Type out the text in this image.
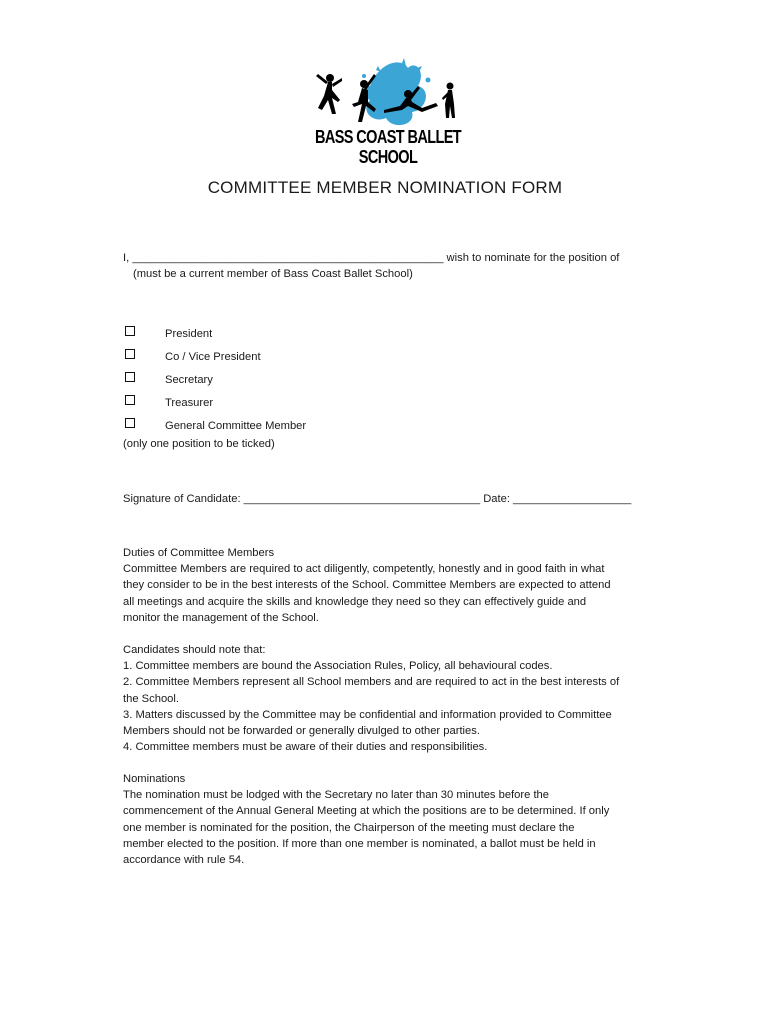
BASS COAST BALLET SCHOOL
COMMITTEE MEMBER NOMINATION FORM
I, __________________________________________________ wish to nominate for the position of
(must be a current member of Bass Coast Ballet School)
President
Co / Vice President
Secretary
Treasurer
General Committee Member
(only one position to be ticked)
Signature of Candidate: ______________________________________ Date: ___________________
Duties of Committee Members
Committee Members are required to act diligently, competently, honestly and in good faith in what
they consider to be in the best interests of the School. Committee Members are expected to attend
all meetings and acquire the skills and knowledge they need so they can effectively guide and
monitor the management of the School.
Candidates should note that:
1. Committee members are bound the Association Rules, Policy, all behavioural codes.
2. Committee Members represent all School members and are required to act in the best interests of
the School.
3. Matters discussed by the Committee may be confidential and information provided to Committee
Members should not be forwarded or generally divulged to other parties.
4. Committee members must be aware of their duties and responsibilities.
Nominations
The nomination must be lodged with the Secretary no later than 30 minutes before the
commencement of the Annual General Meeting at which the positions are to be determined. If only
one member is nominated for the position, the Chairperson of the meeting must declare the
member elected to the position. If more than one member is nominated, a ballot must be held in
accordance with rule 54.
